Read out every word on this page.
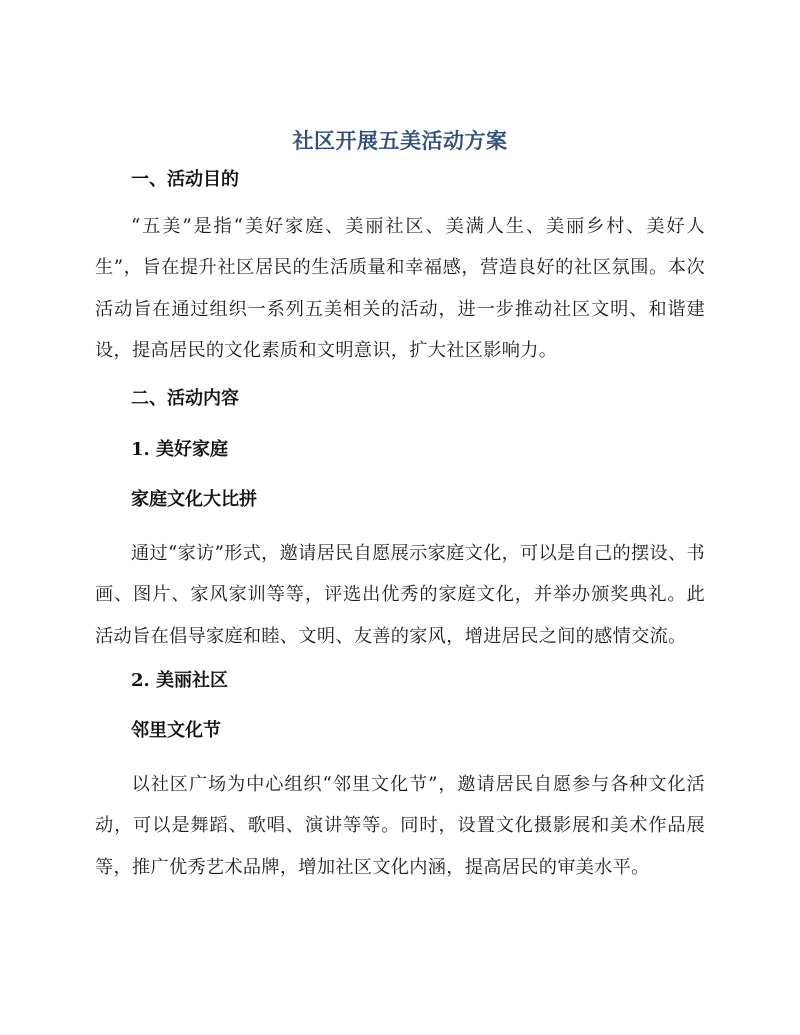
社区开展五美活动方案
一、活动目的
“五美”是指“美好家庭、美丽社区、美满人生、美丽乡村、美好人生”，旨在提升社区居民的生活质量和幸福感，营造良好的社区氛围。本次活动旨在通过组织一系列五美相关的活动，进一步推动社区文明、和谐建设，提高居民的文化素质和文明意识，扩大社区影响力。
二、活动内容
1. 美好家庭
家庭文化大比拼
通过“家访”形式，邀请居民自愿展示家庭文化，可以是自己的摆设、书画、图片、家风家训等等，评选出优秀的家庭文化，并举办颁奖典礼。此活动旨在倡导家庭和睦、文明、友善的家风，增进居民之间的感情交流。
2. 美丽社区
邻里文化节
以社区广场为中心组织“邻里文化节”，邀请居民自愿参与各种文化活动，可以是舞蹈、歌唱、演讲等等。同时，设置文化摄影展和美术作品展等，推广优秀艺术品牌，增加社区文化内涵，提高居民的审美水平。
